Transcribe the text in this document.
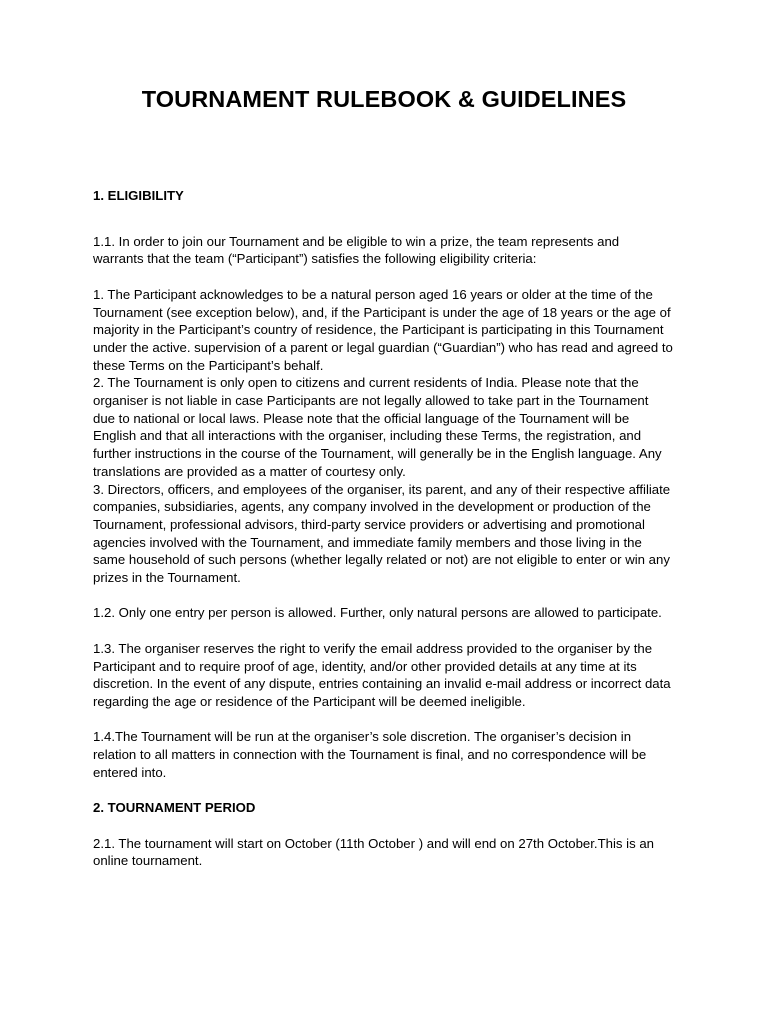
TOURNAMENT RULEBOOK & GUIDELINES

1. ELIGIBILITY

1.1. In order to join our Tournament and be eligible to win a prize, the team represents and warrants that the team (“Participant”) satisfies the following eligibility criteria:

1. The Participant acknowledges to be a natural person aged 16 years or older at the time of the Tournament (see exception below), and, if the Participant is under the age of 18 years or the age of majority in the Participant’s country of residence, the Participant is participating in this Tournament under the active. supervision of a parent or legal guardian (“Guardian”) who has read and agreed to these Terms on the Participant’s behalf.

2. The Tournament is only open to citizens and current residents of India. Please note that the organiser is not liable in case Participants are not legally allowed to take part in the Tournament due to national or local laws. Please note that the official language of the Tournament will be English and that all interactions with the organiser, including these Terms, the registration, and further instructions in the course of the Tournament, will generally be in the English language. Any translations are provided as a matter of courtesy only.

3. Directors, officers, and employees of the organiser, its parent, and any of their respective affiliate companies, subsidiaries, agents, any company involved in the development or production of the Tournament, professional advisors, third-party service providers or advertising and promotional agencies involved with the Tournament, and immediate family members and those living in the same household of such persons (whether legally related or not) are not eligible to enter or win any prizes in the Tournament.

1.2. Only one entry per person is allowed. Further, only natural persons are allowed to participate.

1.3. The organiser reserves the right to verify the email address provided to the organiser by the Participant and to require proof of age, identity, and/or other provided details at any time at its discretion. In the event of any dispute, entries containing an invalid e-mail address or incorrect data regarding the age or residence of the Participant will be deemed ineligible.

1.4.The Tournament will be run at the organiser’s sole discretion. The organiser’s decision in relation to all matters in connection with the Tournament is final, and no correspondence will be entered into.

2. TOURNAMENT PERIOD

2.1. The tournament will start on October (11th October ) and will end on 27th October.This is an online tournament.
